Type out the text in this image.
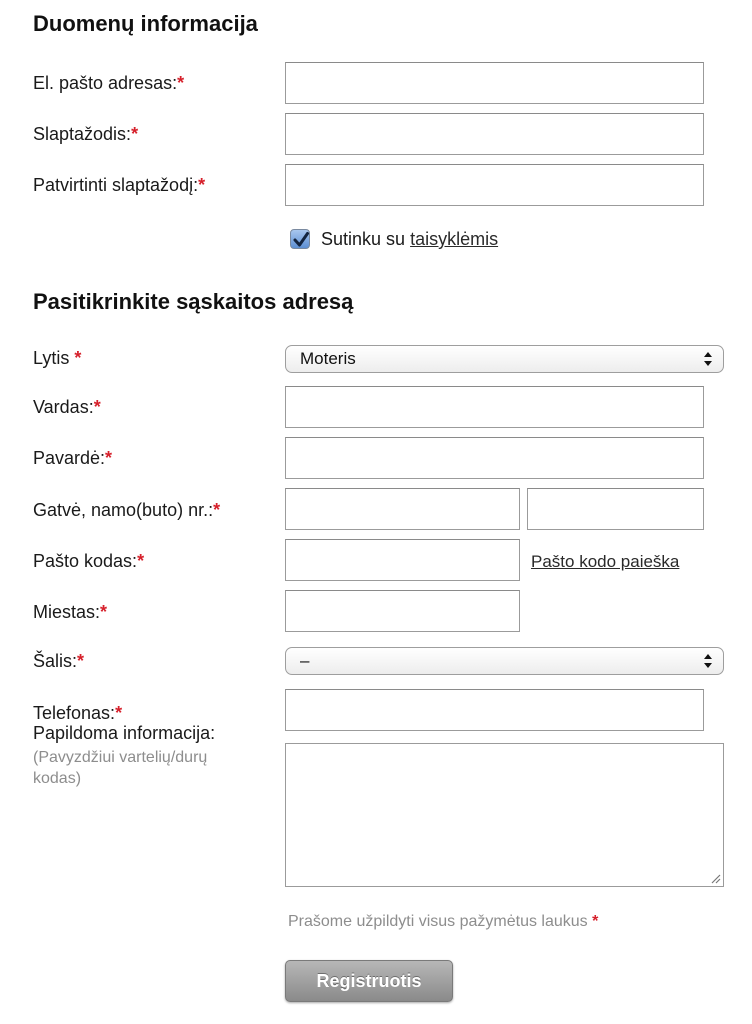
Duomenų informacija
El. pašto adresas:*
Slaptažodis:*
Patvirtinti slaptažodį:*
Sutinku su taisyklėmis
Pasitikrinkite sąskaitos adresą
Lytis *	Moteris
Vardas:*
Pavardė:*
Gatvė, namo(buto) nr.:*
Pašto kodas:*	Pašto kodo paieška
Miestas:*
Šalis:*	–
Telefonas:*
Papildoma informacija:
(Pavyzdžiui vartelių/durų kodas)
Prašome užpildyti visus pažymėtus laukus *
Registruotis
